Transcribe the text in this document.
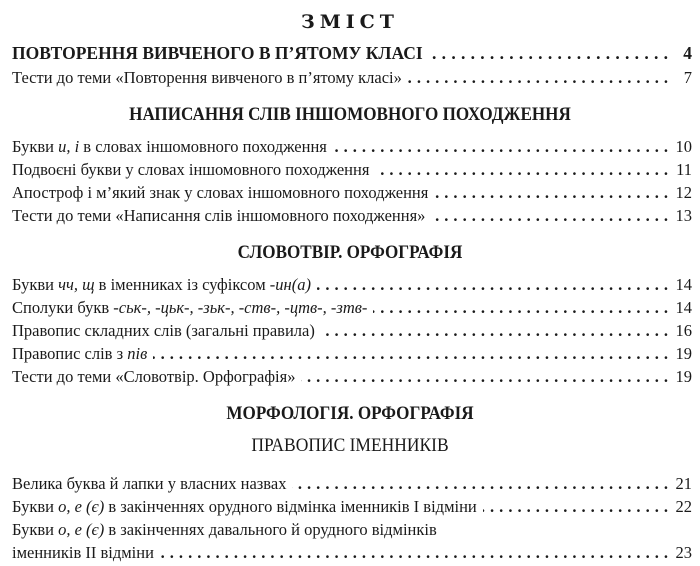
ЗМІСТ
ПОВТОРЕННЯ ВИВЧЕНОГО В П’ЯТОМУ КЛАСІ . . .	4
Тести до теми «Повторення вивченого в п’ятому класі» . . .	7
НАПИСАННЯ СЛІВ ІНШОМОВНОГО ПОХОДЖЕННЯ
Букви и, і в словах іншомовного походження . . .	10
Подвоєні букви у словах іншомовного походження . . .	11
Апостроф і м’який знак у словах іншомовного походження . . .	12
Тести до теми «Написання слів іншомовного походження» . . .	13
СЛОВОТВІР. ОРФОГРАФІЯ
Букви чч, щ в іменниках із суфіксом -ин(а) . . .	14
Сполуки букв -ськ-, -цьк-, -зьк-, -ств-, -цтв-, -зтв- . . .	14
Правопис складних слів (загальні правила) . . .	16
Правопис слів з пів . . .	19
Тести до теми «Словотвір. Орфографія» . . .	19
МОРФОЛОГІЯ. ОРФОГРАФІЯ
ПРАВОПИС ІМЕННИКІВ
Велика буква й лапки у власних назвах . . .	21
Букви о, е (є) в закінченнях орудного відмінка іменників І відміни . . .	22
Букви о, е (є) в закінченнях давального й орудного відмінків
іменників ІІ відміни . . .	23
